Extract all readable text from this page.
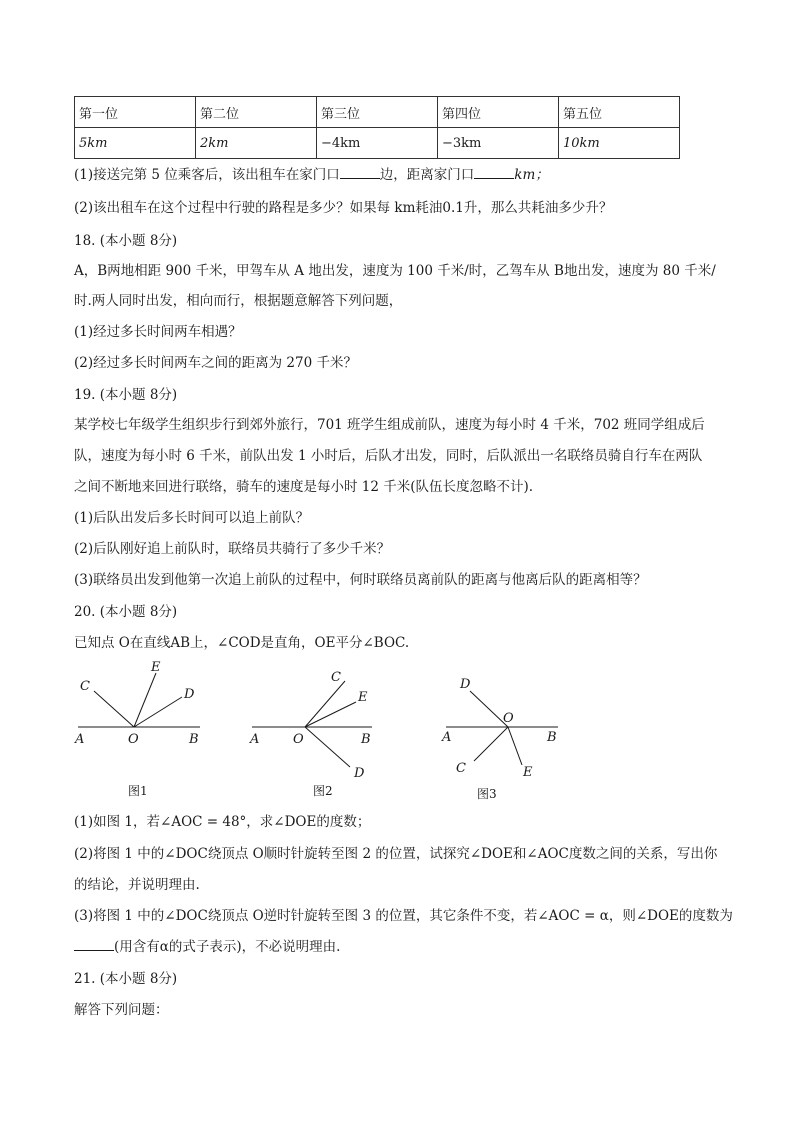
第一位	第二位	第三位	第四位	第五位
5km	2km	−4km	−3km	10km
(1)接送完第 5 位乘客后，该出租车在家门口	边，距离家门口	km；
(2)该出租车在这个过程中行驶的路程是多少？如果每 km耗油0.1升，那么共耗油多少升？
18. (本小题 8分)
A，B两地相距 900 千米，甲驾车从 A 地出发，速度为 100 千米/时，乙驾车从 B地出发，速度为 80 千米/
时.两人同时出发，相向而行，根据题意解答下列问题，
(1)经过多长时间两车相遇？
(2)经过多长时间两车之间的距离为 270 千米？
19. (本小题 8分)
某学校七年级学生组织步行到郊外旅行，701 班学生组成前队，速度为每小时 4 千米，702 班同学组成后
队，速度为每小时 6 千米，前队出发 1 小时后，后队才出发，同时，后队派出一名联络员骑自行车在两队
之间不断地来回进行联络，骑车的速度是每小时 12 千米(队伍长度忽略不计).
(1)后队出发后多长时间可以追上前队？
(2)后队刚好追上前队时，联络员共骑行了多少千米？
(3)联络员出发到他第一次追上前队的过程中，何时联络员离前队的距离与他离后队的距离相等？
20. (本小题 8分)
已知点 O在直线AB上，∠COD是直角，OE平分∠BOC.
C
E
D
A	O	B
图1
C
E
A	O	B
D
图2
D
O
A	B
C	E
图3
(1)如图 1，若∠AOC = 48°，求∠DOE的度数；
(2)将图 1 中的∠DOC绕顶点 O顺时针旋转至图 2 的位置，试探究∠DOE和∠AOC度数之间的关系，写出你
的结论，并说明理由.
(3)将图 1 中的∠DOC绕顶点 O逆时针旋转至图 3 的位置，其它条件不变，若∠AOC = α，则∠DOE的度数为
(用含有α的式子表示)，不必说明理由.
21. (本小题 8分)
解答下列问题：
